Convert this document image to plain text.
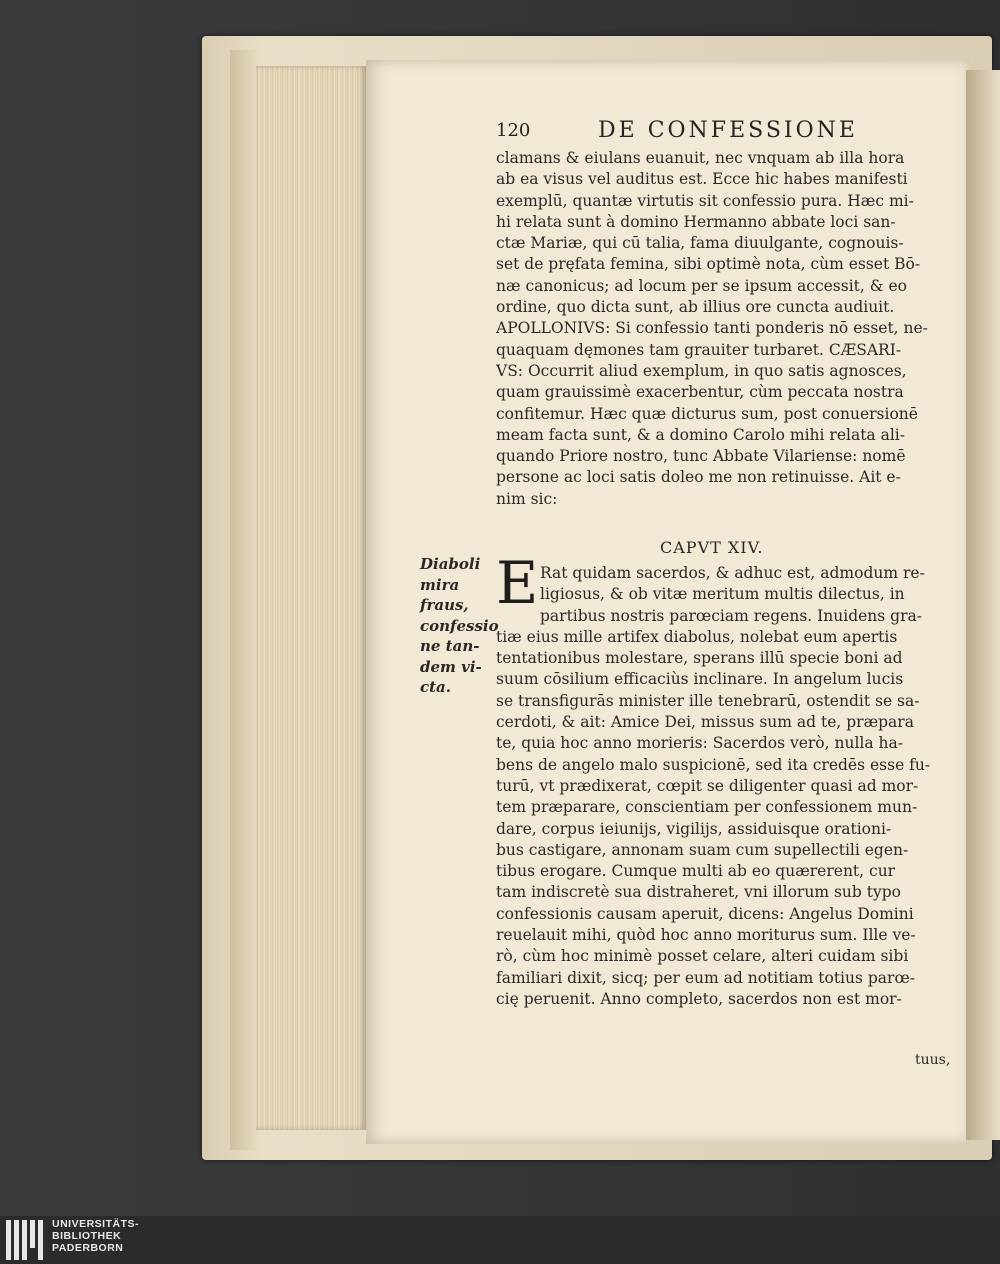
120	DE CONFESSIONE
clamans & eiulans euanuit, nec vnquam ab illa hora
ab ea visus vel auditus est. Ecce hic habes manifesti
exemplū, quantæ virtutis sit confessio pura. Hæc mi-
hi relata sunt à domino Hermanno abbate loci san-
ctæ Mariæ, qui cū talia, fama diuulgante, cognouis-
set de pręfata femina, sibi optimè nota, cùm esset Bō-
næ canonicus; ad locum per se ipsum accessit, & eo
ordine, quo dicta sunt, ab illius ore cuncta audiuit.
APOLLONIVS: Si confessio tanti ponderis nō esset, ne-
quaquam dęmones tam grauiter turbaret. CÆSARI-
VS: Occurrit aliud exemplum, in quo satis agnosces,
quam grauissimè exacerbentur, cùm peccata nostra
confitemur. Hæc quæ dicturus sum, post conuersionē
meam facta sunt, & a domino Carolo mihi relata ali-
quando Priore nostro, tunc Abbate Vilariense: nomē
persone ac loci satis doleo me non retinuisse. Ait e-
nim sic:
CAPVT XIV.
E Rat quidam sacerdos, & adhuc est, admodum re-
ligiosus, & ob vitæ meritum multis dilectus, in
partibus nostris parœciam regens. Inuidens gra-
tiæ eius mille artifex diabolus, nolebat eum apertis
tentationibus molestare, sperans illū specie boni ad
suum cōsilium efficaciùs inclinare. In angelum lucis
se transfigurās minister ille tenebrarū, ostendit se sa-
cerdoti, & ait: Amice Dei, missus sum ad te, præpara
te, quia hoc anno morieris: Sacerdos verò, nulla ha-
bens de angelo malo suspicionē, sed ita credēs esse fu-
turū, vt prædixerat, cœpit se diligenter quasi ad mor-
tem præparare, conscientiam per confessionem mun-
dare, corpus ieiunijs, vigilijs, assiduisque orationi-
bus castigare, annonam suam cum supellectili egen-
tibus erogare. Cumque multi ab eo quærerent, cur
tam indiscretè sua distraheret, vni illorum sub typo
confessionis causam aperuit, dicens: Angelus Domini
reuelauit mihi, quòd hoc anno moriturus sum. Ille ve-
rò, cùm hoc minimè posset celare, alteri cuidam sibi
familiari dixit, sicq; per eum ad notitiam totius parœ-
cię peruenit. Anno completo, sacerdos non est mor-
Diaboli
mira
fraus,
confessio
ne tan-
dem vi-
cta.
tuus,
UNIVERSITÄTS-
BIBLIOTHEK
PADERBORN
